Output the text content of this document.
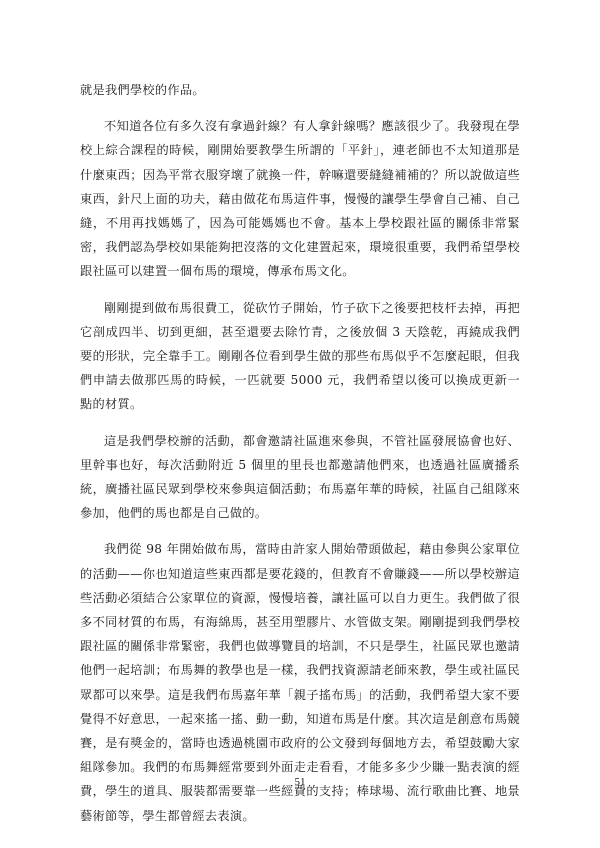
就是我們學校的作品。

不知道各位有多久沒有拿過針線？有人拿針線嗎？應該很少了。我發現在學校上綜合課程的時候，剛開始要教學生所謂的「平針」，連老師也不太知道那是什麼東西；因為平常衣服穿壞了就換一件，幹嘛還要縫縫補補的？所以說做這些東西，針尺上面的功夫，藉由做花布馬這件事，慢慢的讓學生學會自己補、自己縫，不用再找媽媽了，因為可能媽媽也不會。基本上學校跟社區的關係非常緊密，我們認為學校如果能夠把沒落的文化建置起來，環境很重要，我們希望學校跟社區可以建置一個布馬的環境，傳承布馬文化。

剛剛提到做布馬很費工，從砍竹子開始，竹子砍下之後要把枝杆去掉，再把它剖成四半、切到更細，甚至還要去除竹青，之後放個 3 天陰乾，再繞成我們要的形狀，完全靠手工。剛剛各位看到學生做的那些布馬似乎不怎麼起眼，但我們申請去做那匹馬的時候，一匹就要 5000 元，我們希望以後可以換成更新一點的材質。

這是我們學校辦的活動，都會邀請社區進來參與，不管社區發展協會也好、里幹事也好，每次活動附近 5 個里的里長也都邀請他們來，也透過社區廣播系統，廣播社區民眾到學校來參與這個活動；布馬嘉年華的時候，社區自己組隊來參加，他們的馬也都是自己做的。

我們從 98 年開始做布馬，當時由許家人開始帶頭做起，藉由參與公家單位的活動——你也知道這些東西都是要花錢的，但教育不會賺錢——所以學校辦這些活動必須結合公家單位的資源，慢慢培養，讓社區可以自力更生。我們做了很多不同材質的布馬，有海綿馬，甚至用塑膠片、水管做支架。剛剛提到我們學校跟社區的關係非常緊密，我們也做導覽員的培訓，不只是學生，社區民眾也邀請他們一起培訓；布馬舞的教學也是一樣，我們找資源請老師來教，學生或社區民眾都可以來學。這是我們布馬嘉年華「親子搖布馬」的活動，我們希望大家不要覺得不好意思，一起來搖一搖、動一動，知道布馬是什麼。其次這是創意布馬競賽，是有獎金的，當時也透過桃園市政府的公文發到每個地方去，希望鼓勵大家組隊參加。我們的布馬舞經常要到外面走走看看，才能多多少少賺一點表演的經費，學生的道具、服裝都需要靠一些經費的支持；棒球場、流行歌曲比賽、地景藝術節等，學生都曾經去表演。

51
